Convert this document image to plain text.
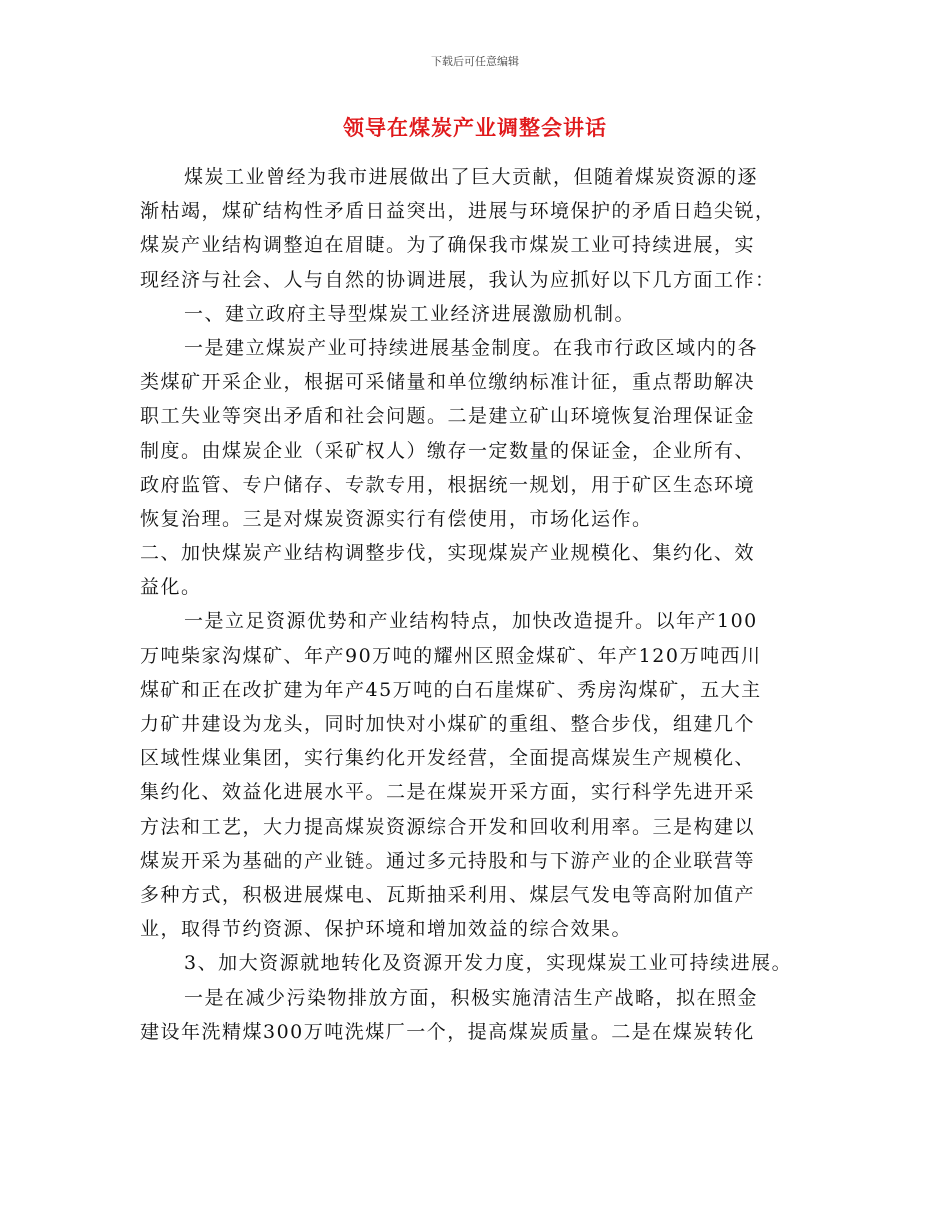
下载后可任意编辑
领导在煤炭产业调整会讲话
煤炭工业曾经为我市进展做出了巨大贡献，但随着煤炭资源的逐
渐枯竭，煤矿结构性矛盾日益突出，进展与环境保护的矛盾日趋尖锐，
煤炭产业结构调整迫在眉睫。为了确保我市煤炭工业可持续进展，实
现经济与社会、人与自然的协调进展，我认为应抓好以下几方面工作：
一、建立政府主导型煤炭工业经济进展激励机制。
一是建立煤炭产业可持续进展基金制度。在我市行政区域内的各
类煤矿开采企业，根据可采储量和单位缴纳标准计征，重点帮助解决
职工失业等突出矛盾和社会问题。二是建立矿山环境恢复治理保证金
制度。由煤炭企业（采矿权人）缴存一定数量的保证金，企业所有、
政府监管、专户储存、专款专用，根据统一规划，用于矿区生态环境
恢复治理。三是对煤炭资源实行有偿使用，市场化运作。
二、加快煤炭产业结构调整步伐，实现煤炭产业规模化、集约化、效
益化。
一是立足资源优势和产业结构特点，加快改造提升。以年产100
万吨柴家沟煤矿、年产90万吨的耀州区照金煤矿、年产120万吨西川
煤矿和正在改扩建为年产45万吨的白石崖煤矿、秀房沟煤矿，五大主
力矿井建设为龙头，同时加快对小煤矿的重组、整合步伐，组建几个
区域性煤业集团，实行集约化开发经营，全面提高煤炭生产规模化、
集约化、效益化进展水平。二是在煤炭开采方面，实行科学先进开采
方法和工艺，大力提高煤炭资源综合开发和回收利用率。三是构建以
煤炭开采为基础的产业链。通过多元持股和与下游产业的企业联营等
多种方式，积极进展煤电、瓦斯抽采利用、煤层气发电等高附加值产
业，取得节约资源、保护环境和增加效益的综合效果。
3、加大资源就地转化及资源开发力度，实现煤炭工业可持续进展。
一是在减少污染物排放方面，积极实施清洁生产战略，拟在照金
建设年洗精煤300万吨洗煤厂一个，提高煤炭质量。二是在煤炭转化
